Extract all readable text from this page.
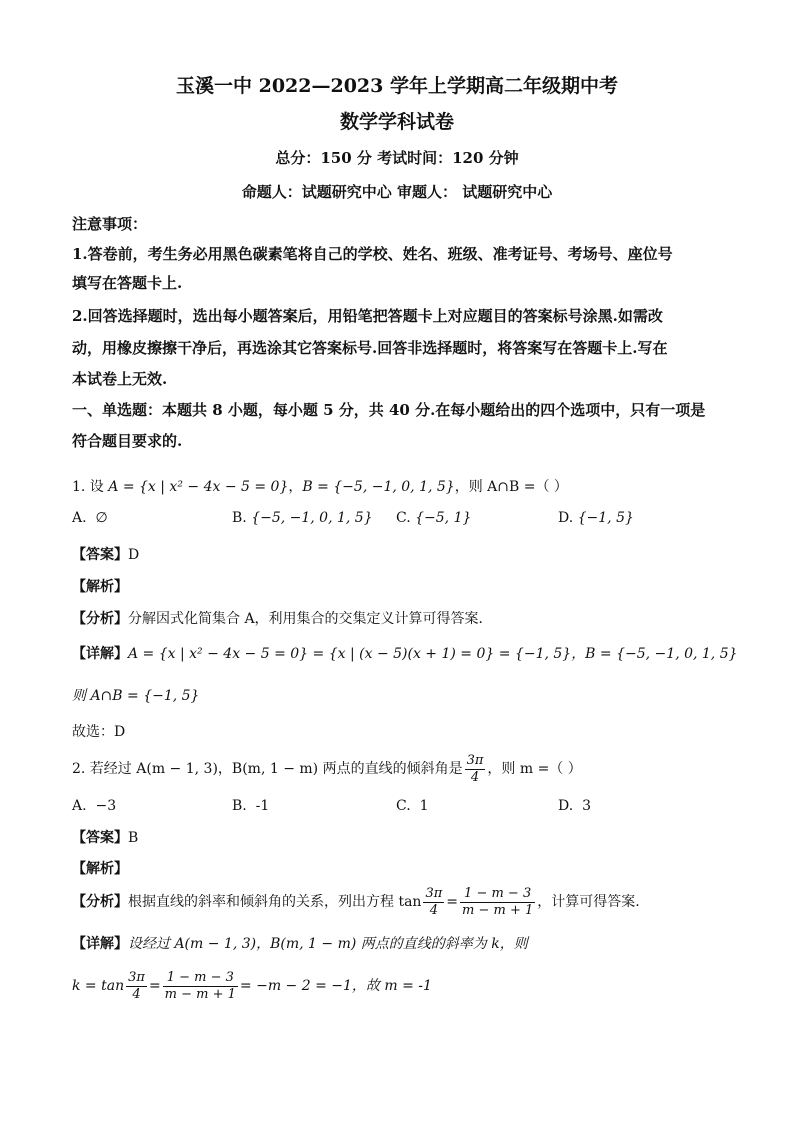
玉溪一中 2022—2023 学年上学期高二年级期中考
数学学科试卷
总分：150 分 考试时间：120 分钟
命题人：试题研究中心 审题人： 试题研究中心
注意事项：
1.答卷前，考生务必用黑色碳素笔将自己的学校、姓名、班级、准考证号、考场号、座位号
填写在答题卡上.
2.回答选择题时，选出每小题答案后，用铅笔把答题卡上对应题目的答案标号涂黑.如需改
动，用橡皮擦擦干净后，再选涂其它答案标号.回答非选择题时，将答案写在答题卡上.写在
本试卷上无效.
一、单选题：本题共 8 小题，每小题 5 分，共 40 分.在每小题给出的四个选项中，只有一项是
符合题目要求的.
1. 设 A = {x | x² − 4x − 5 = 0}，B = {−5, −1, 0, 1, 5}，则 A∩B =（ ）
A. ∅	B. {−5, −1, 0, 1, 5} C. {−5, 1}	D. {−1, 5}
【答案】D
【解析】
【分析】分解因式化简集合 A，利用集合的交集定义计算可得答案．
【详解】A = {x | x² − 4x − 5 = 0} = {x | (x − 5)(x + 1) = 0} = {−1, 5}，B = {−5, −1, 0, 1, 5}
则 A∩B = {−1, 5}
故选：D
2. 若经过 A(m − 1, 3)，B(m, 1 − m) 两点的直线的倾斜角是 $\frac{3\pi}{4}$ ，则 m =（ ）
A. −3	B. -1	C. 1	D. 3
【答案】B
【解析】
【分析】根据直线的斜率和倾斜角的关系，列出方程 $\tan \frac{3\pi}{4} = \frac{1 - m - 3}{m - m + 1}$ ，计算可得答案.
【详解】设经过 A(m − 1, 3)，B(m, 1 − m) 两点的直线的斜率为 k，则
$k = \tan \frac{3\pi}{4} = \frac{1 - m - 3}{m - m + 1} = -m - 2 = -1$，故 m = -1
